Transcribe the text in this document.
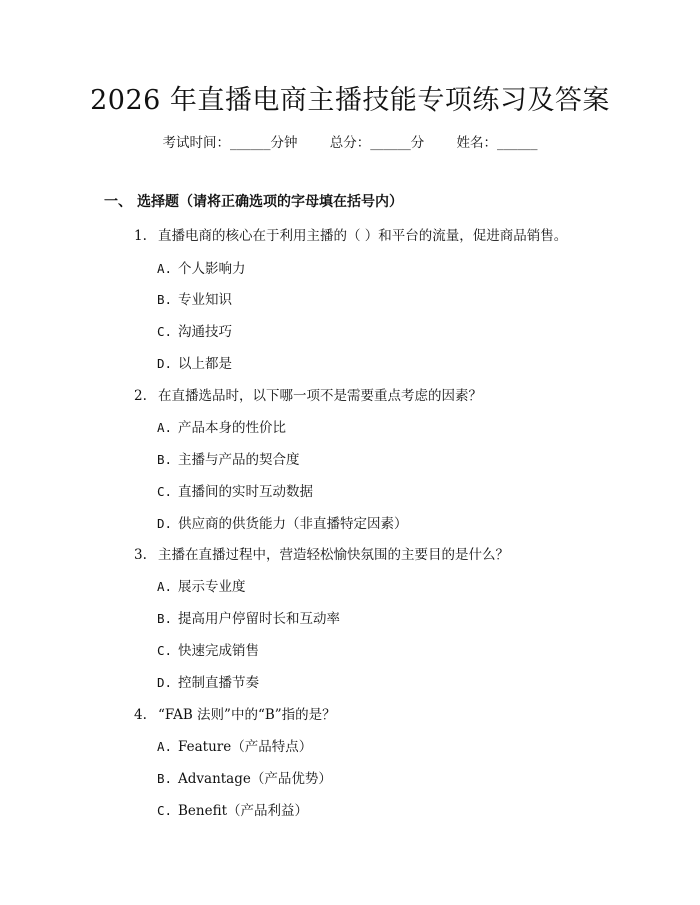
2026 年直播电商主播技能专项练习及答案
考试时间：______分钟 总分：______分 姓名：______
一、 选择题（请将正确选项的字母填在括号内）
1. 直播电商的核心在于利用主播的（ ）和平台的流量，促进商品销售。
A. 个人影响力
B. 专业知识
C. 沟通技巧
D. 以上都是
2. 在直播选品时，以下哪一项不是需要重点考虑的因素？
A. 产品本身的性价比
B. 主播与产品的契合度
C. 直播间的实时互动数据
D. 供应商的供货能力（非直播特定因素）
3. 主播在直播过程中，营造轻松愉快氛围的主要目的是什么？
A. 展示专业度
B. 提高用户停留时长和互动率
C. 快速完成销售
D. 控制直播节奏
4. “FAB 法则”中的“B”指的是？
A. Feature（产品特点）
B. Advantage（产品优势）
C. Benefit（产品利益）
